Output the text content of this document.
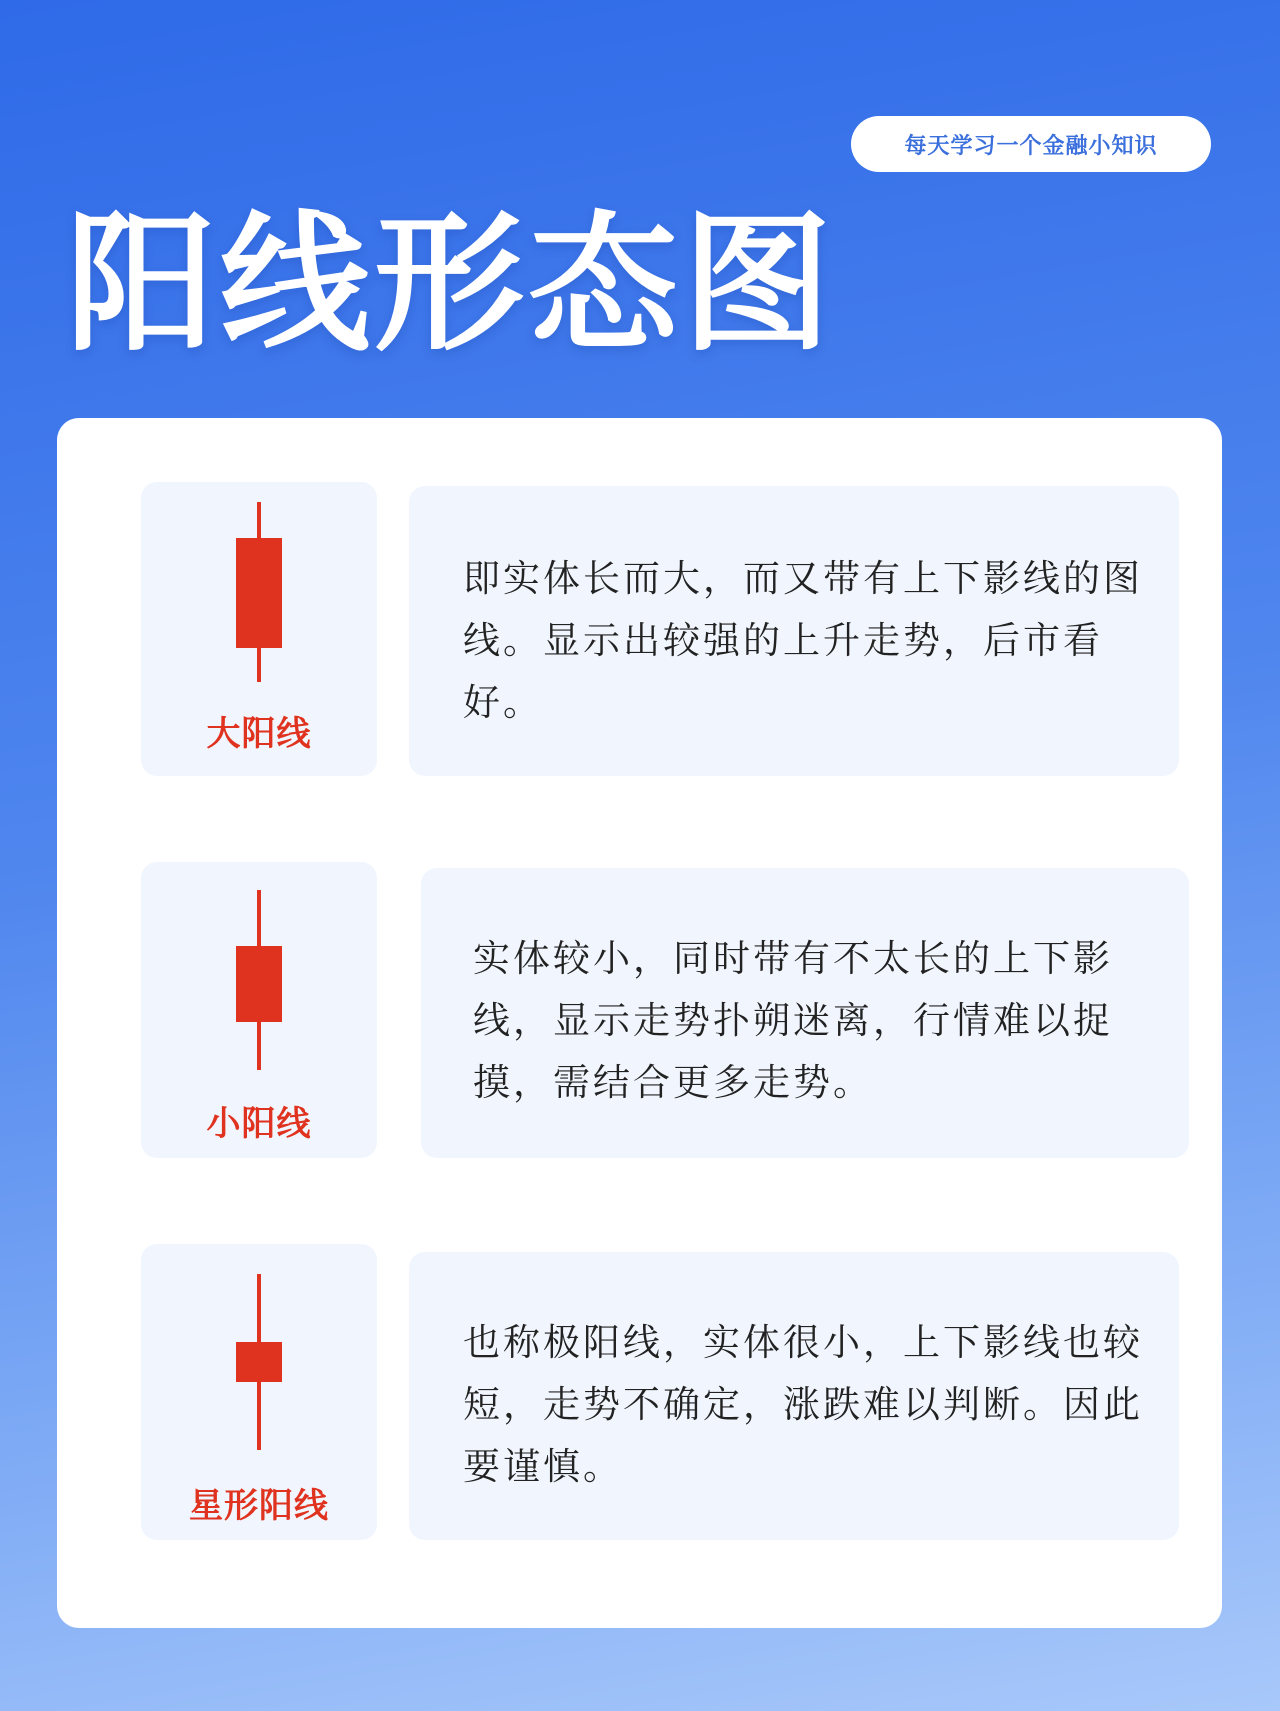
每天学习一个金融小知识
阳线形态图
大阳线
即实体长而大，而又带有上下影线的图线。显示出较强的上升走势，后市看好。
小阳线
实体较小，同时带有不太长的上下影线，显示走势扑朔迷离，行情难以捉摸，需结合更多走势。
星形阳线
也称极阳线，实体很小，上下影线也较短，走势不确定，涨跌难以判断。因此要谨慎。
